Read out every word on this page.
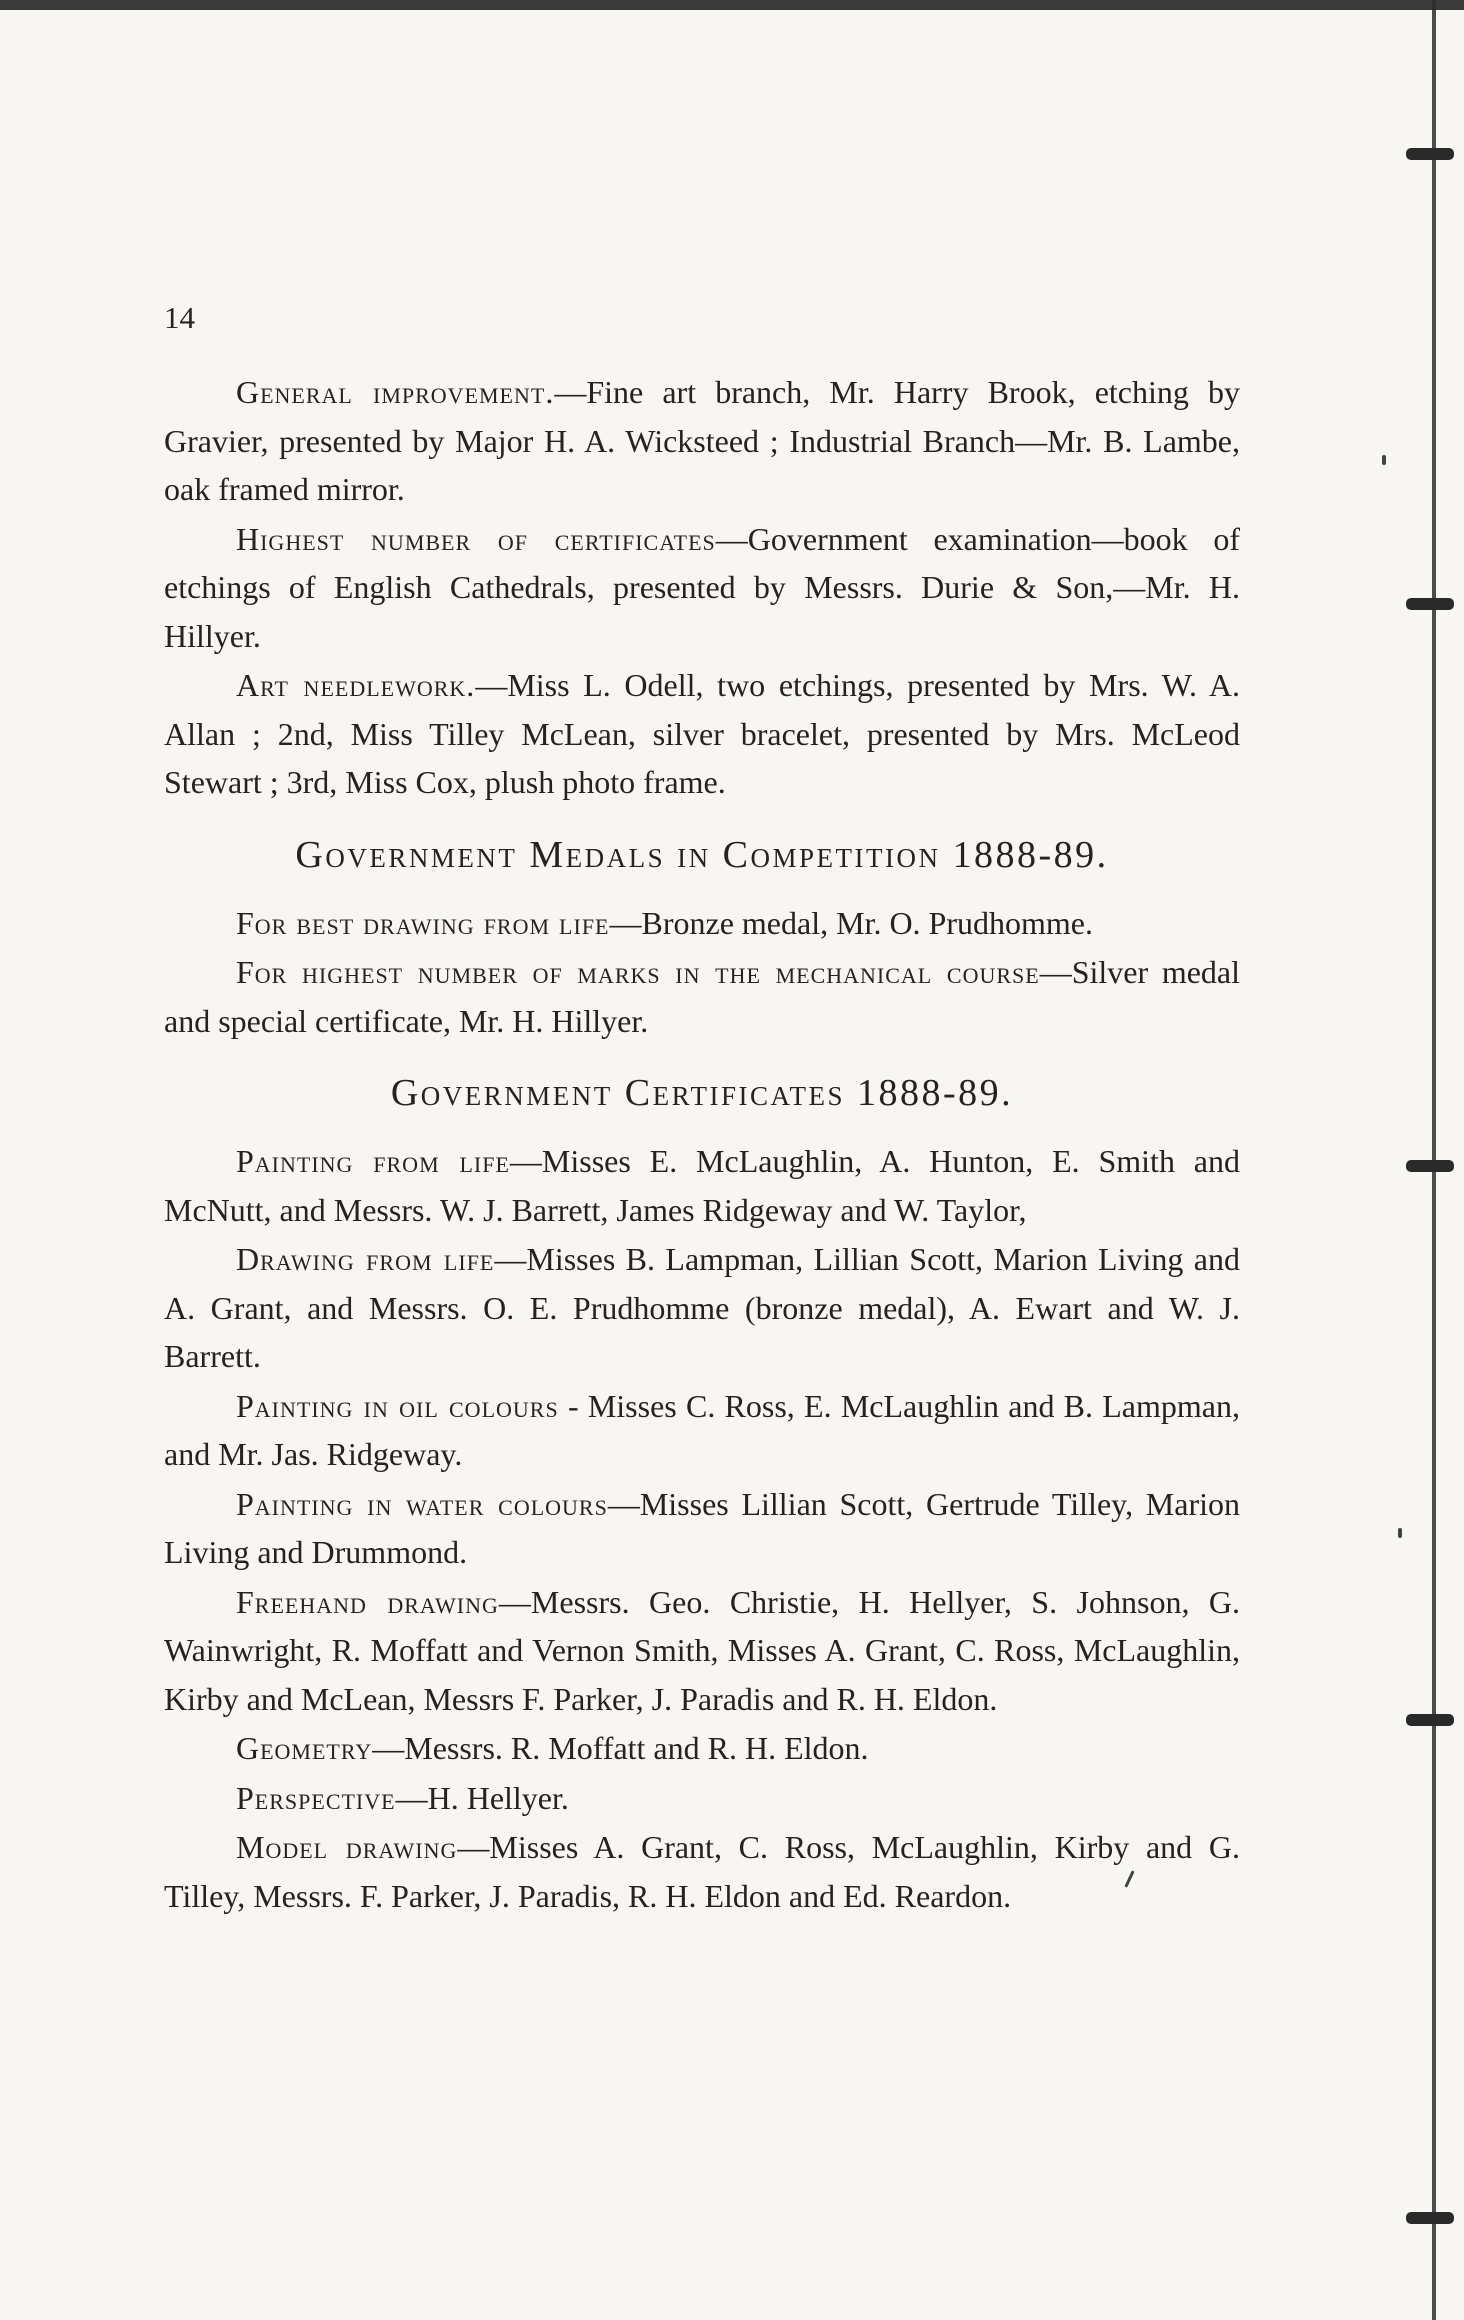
14

General improvement.—Fine art branch, Mr. Harry Brook, etching by Gravier, presented by Major H. A. Wicksteed ; Industrial Branch—Mr. B. Lambe, oak framed mirror.

Highest number of certificates—Government examination—book of etchings of English Cathedrals, presented by Messrs. Durie & Son,—Mr. H. Hillyer.

Art needlework.—Miss L. Odell, two etchings, presented by Mrs. W. A. Allan ; 2nd, Miss Tilley McLean, silver bracelet, presented by Mrs. McLeod Stewart ; 3rd, Miss Cox, plush photo frame.

Government Medals in Competition 1888-89.

For best drawing from life—Bronze medal, Mr. O. Prudhomme.

For highest number of marks in the mechanical course—Silver medal and special certificate, Mr. H. Hillyer.

Government Certificates 1888-89.

Painting from life—Misses E. McLaughlin, A. Hunton, E. Smith and McNutt, and Messrs. W. J. Barrett, James Ridgeway and W. Taylor,

Drawing from life—Misses B. Lampman, Lillian Scott, Marion Living and A. Grant, and Messrs. O. E. Prudhomme (bronze medal), A. Ewart and W. J. Barrett.

Painting in oil colours - Misses C. Ross, E. McLaughlin and B. Lampman, and Mr. Jas. Ridgeway.

Painting in water colours—Misses Lillian Scott, Gertrude Tilley, Marion Living and Drummond.

Freehand drawing—Messrs. Geo. Christie, H. Hellyer, S. Johnson, G. Wainwright, R. Moffatt and Vernon Smith, Misses A. Grant, C. Ross, McLaughlin, Kirby and McLean, Messrs F. Parker, J. Paradis and R. H. Eldon.

Geometry—Messrs. R. Moffatt and R. H. Eldon.

Perspective—H. Hellyer.

Model drawing—Misses A. Grant, C. Ross, McLaughlin, Kirby and G. Tilley, Messrs. F. Parker, J. Paradis, R. H. Eldon and Ed. Reardon.
